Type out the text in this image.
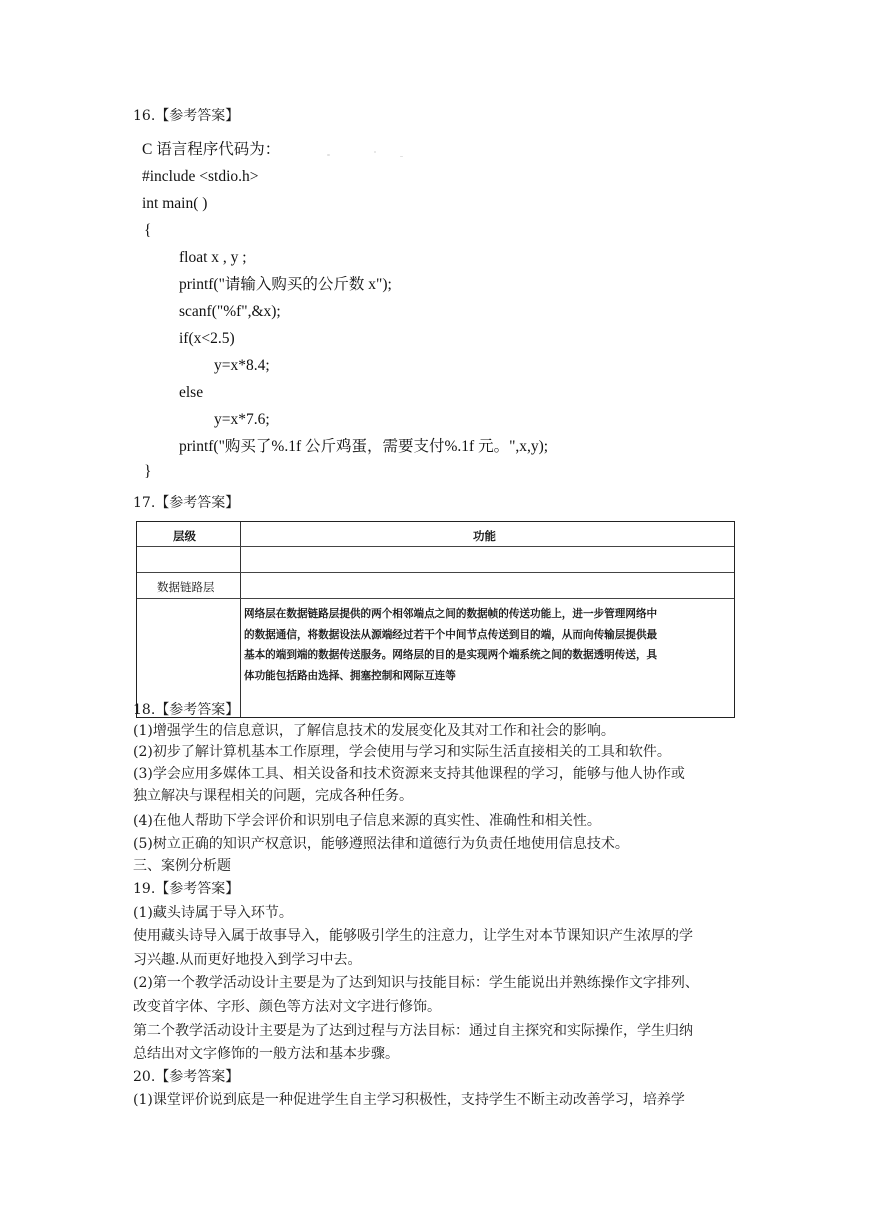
16.【参考答案】
C 语言程序代码为：
#include <stdio.h>
int main( )
{
float x , y ;
printf("请输入购买的公斤数 x");
scanf("%f",&x);
if(x<2.5)
y=x*8.4;
else
y=x*7.6;
printf("购买了%.1f 公斤鸡蛋，需要支付%.1f 元。",x,y);
}
17.【参考答案】
层级	功能
数据链路层
网络层在数据链路层提供的两个相邻端点之间的数据帧的传送功能上，进一步管理网络中
的数据通信，将数据设法从源端经过若干个中间节点传送到目的端，从而向传输层提供最
基本的端到端的数据传送服务。网络层的目的是实现两个端系统之间的数据透明传送，具
体功能包括路由选择、拥塞控制和网际互连等
18.【参考答案】
(1)增强学生的信息意识，了解信息技术的发展变化及其对工作和社会的影响。
(2)初步了解计算机基本工作原理，学会使用与学习和实际生活直接相关的工具和软件。
(3)学会应用多媒体工具、相关设备和技术资源来支持其他课程的学习，能够与他人协作或
独立解决与课程相关的问题，完成各种任务。
(4)在他人帮助下学会评价和识别电子信息来源的真实性、准确性和相关性。
(5)树立正确的知识产权意识，能够遵照法律和道德行为负责任地使用信息技术。
三、案例分析题
19.【参考答案】
(1)藏头诗属于导入环节。
使用藏头诗导入属于故事导入，能够吸引学生的注意力，让学生对本节课知识产生浓厚的学
习兴趣.从而更好地投入到学习中去。
(2)第一个教学活动设计主要是为了达到知识与技能目标：学生能说出并熟练操作文字排列、
改变首字体、字形、颜色等方法对文字进行修饰。
第二个教学活动设计主要是为了达到过程与方法目标：通过自主探究和实际操作，学生归纳
总结出对文字修饰的一般方法和基本步骤。
20.【参考答案】
(1)课堂评价说到底是一种促进学生自主学习积极性，支持学生不断主动改善学习，培养学
